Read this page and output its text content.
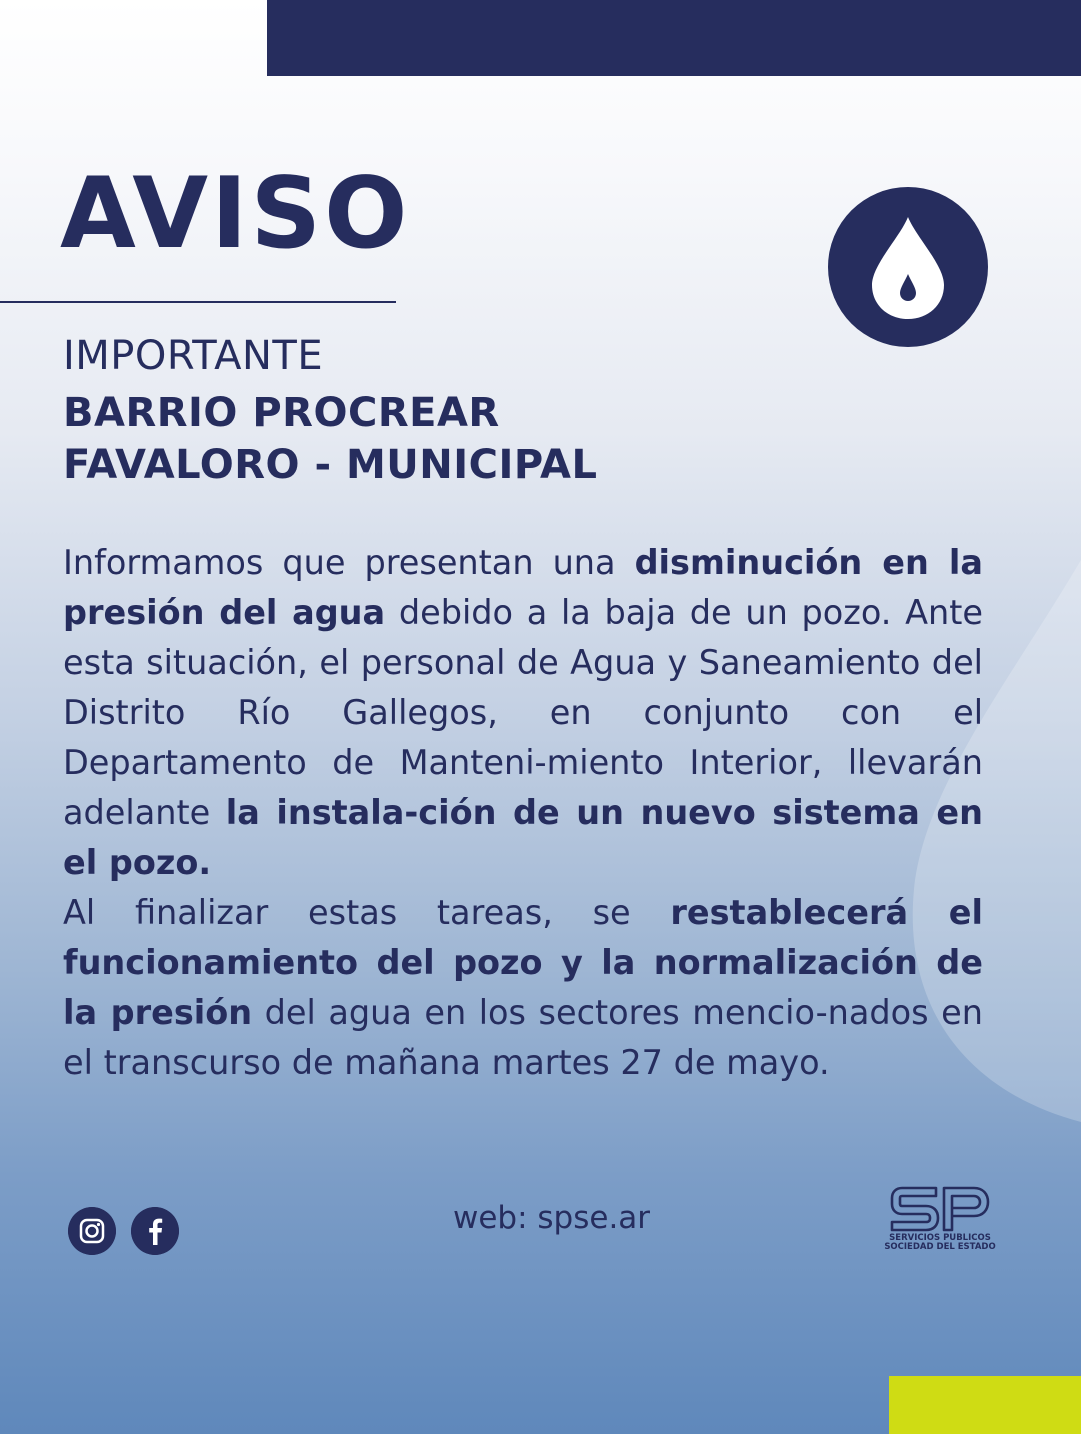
AVISO
IMPORTANTE
BARRIO PROCREAR
FAVALORO - MUNICIPAL

Informamos que presentan una disminución en la presión del agua debido a la baja de un pozo. Ante esta situación, el personal de Agua y Saneamiento del Distrito Río Gallegos, en conjunto con el Departamento de Manteni-miento Interior, llevarán adelante la instala-ción de un nuevo sistema en el pozo.

Al finalizar estas tareas, se restablecerá el funcionamiento del pozo y la normalización de la presión del agua en los sectores mencio-nados en el transcurso de mañana martes 27 de mayo.

web: spse.ar
SP
SERVICIOS PUBLICOS
SOCIEDAD DEL ESTADO
